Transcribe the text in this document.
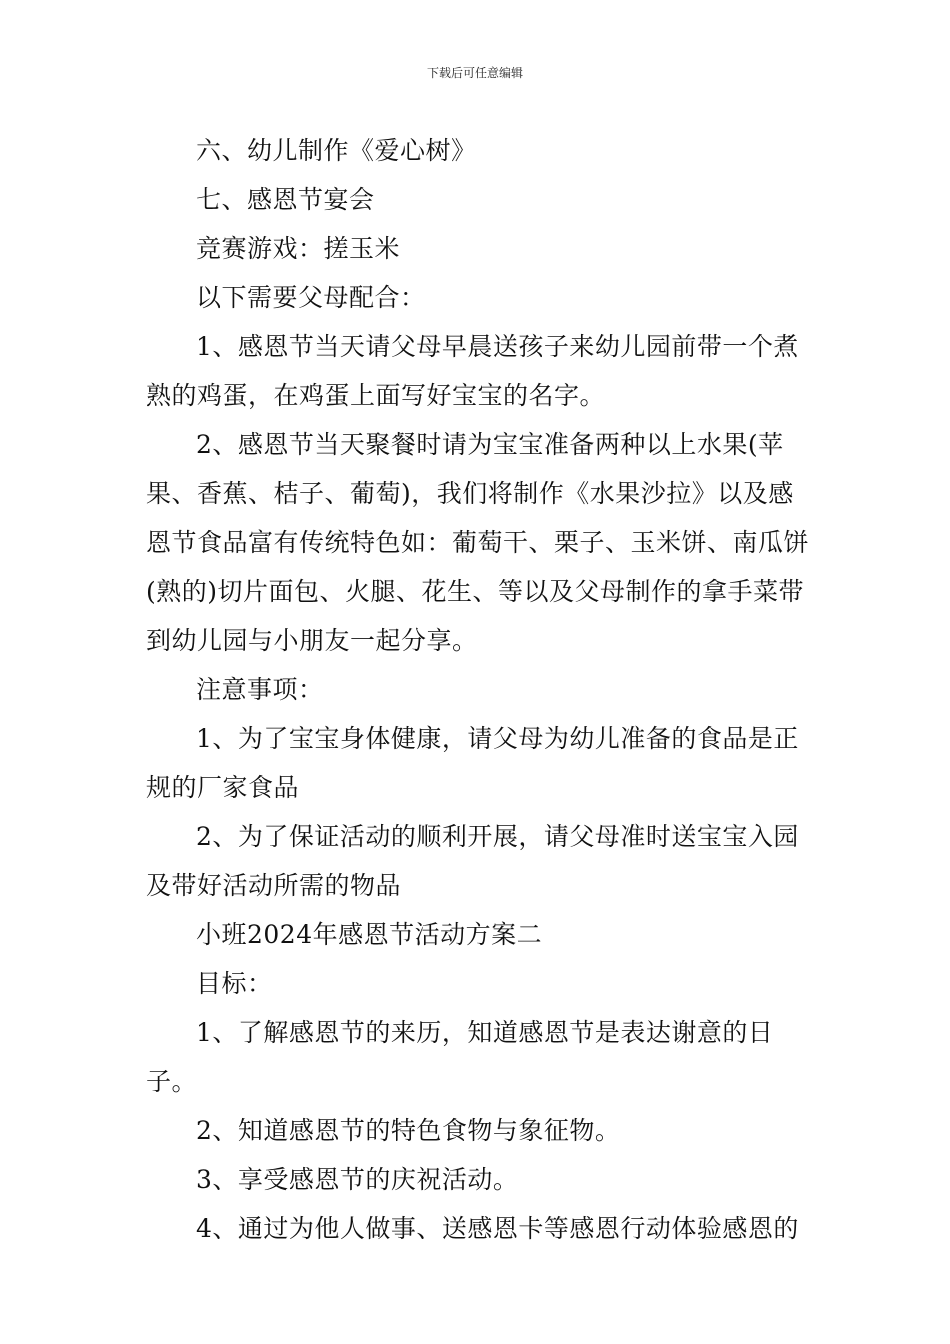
下载后可任意编辑

六、幼儿制作《爱心树》

七、感恩节宴会

竞赛游戏：搓玉米

以下需要父母配合：

1、感恩节当天请父母早晨送孩子来幼儿园前带一个煮熟的鸡蛋，在鸡蛋上面写好宝宝的名字。

2、感恩节当天聚餐时请为宝宝准备两种以上水果(苹果、香蕉、桔子、葡萄)，我们将制作《水果沙拉》以及感恩节食品富有传统特色如：葡萄干、栗子、玉米饼、南瓜饼(熟的)切片面包、火腿、花生、等以及父母制作的拿手菜带到幼儿园与小朋友一起分享。

注意事项：

1、为了宝宝身体健康，请父母为幼儿准备的食品是正规的厂家食品

2、为了保证活动的顺利开展，请父母准时送宝宝入园及带好活动所需的物品

小班2024年感恩节活动方案二

目标：

1、了解感恩节的来历，知道感恩节是表达谢意的日子。

2、知道感恩节的特色食物与象征物。

3、享受感恩节的庆祝活动。

4、通过为他人做事、送感恩卡等感恩行动体验感恩的
